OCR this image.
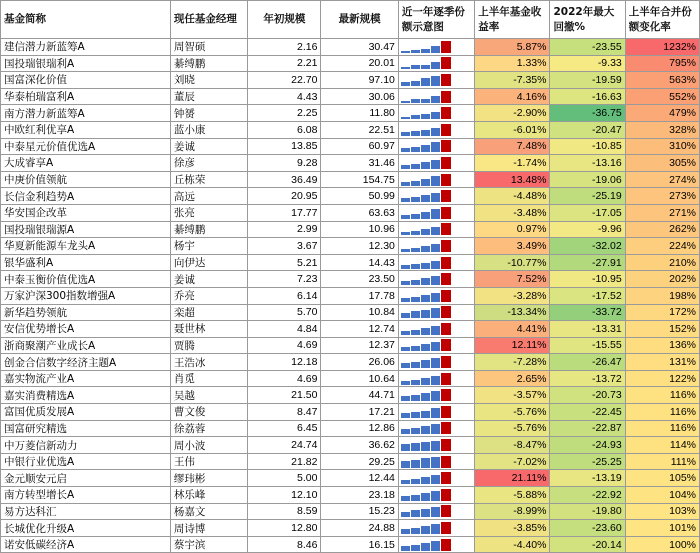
基金简称	现任基金经理	年初规模	最新规模	近一年逐季份额示意图	上半年基金收益率	2022年最大回撤%	上半年合并份额变化率
建信潜力新蓝筹A	周智硕	2.16	30.47		5.87%	-23.55	1232%
国投瑞银瑞利A	綦缚鹏	2.21	20.01		1.33%	-9.33	795%
国富深化价值	刘晓	22.70	97.10		-7.35%	-19.59	563%
华泰柏瑞富利A	董辰	4.43	30.06		4.16%	-16.63	552%
南方潜力新蓝筹A	钟赟	2.25	11.80		-2.90%	-36.75	479%
中欧红利优享A	蓝小康	6.08	22.51		-6.01%	-20.47	328%
中泰星元价值优选A	姜诚	13.85	60.97		7.48%	-10.85	310%
大成睿享A	徐彦	9.28	31.46		-1.74%	-13.16	305%
中庚价值领航	丘栋荣	36.49	154.75		13.48%	-19.06	274%
长信金利趋势A	高远	20.95	50.99		-4.48%	-25.19	273%
华安国企改革	张亮	17.77	63.63		-3.48%	-17.05	271%
国投瑞银瑞源A	綦缚鹏	2.99	10.96		0.97%	-9.96	262%
华夏新能源车龙头A	杨宇	3.67	12.30		3.49%	-32.02	224%
银华盛利A	向伊达	5.21	14.43		-10.77%	-27.91	210%
中泰玉衡价值优选A	姜诚	7.23	23.50		7.52%	-10.95	202%
万家沪深300指数增强A	乔亮	6.14	17.78		-3.28%	-17.52	198%
新华趋势领航	栾超	5.70	10.84		-13.34%	-33.72	172%
安信优势增长A	聂世林	4.84	12.74		4.41%	-13.31	152%
浙商聚潮产业成长A	贾腾	4.69	12.37		12.11%	-15.55	136%
创金合信数字经济主题A	王浩冰	12.18	26.06		-7.28%	-26.47	131%
嘉实物流产业A	肖觅	4.69	10.64		2.65%	-13.72	122%
嘉实消费精选A	吴越	21.50	44.71		-3.57%	-20.73	116%
富国优质发展A	曹文俊	8.47	17.21		-5.76%	-22.45	116%
国富研究精选	徐荔蓉	6.45	12.86		-5.76%	-22.87	116%
中万菱信新动力	周小波	24.74	36.62		-8.47%	-24.93	114%
中银行业优选A	王伟	21.82	29.25		-7.02%	-25.25	111%
金元顺安元启	缪玮彬	5.00	12.44		21.11%	-13.19	105%
南方转型增长A	林乐峰	12.10	23.18		-5.88%	-22.92	104%
易方达科汇	杨嘉文	8.59	15.23		-8.99%	-19.80	103%
长城优化升级A	周诗博	12.80	24.88		-3.85%	-23.60	101%
诺安低碳经济A	蔡宇滨	8.46	16.15		-4.40%	-20.14	100%
